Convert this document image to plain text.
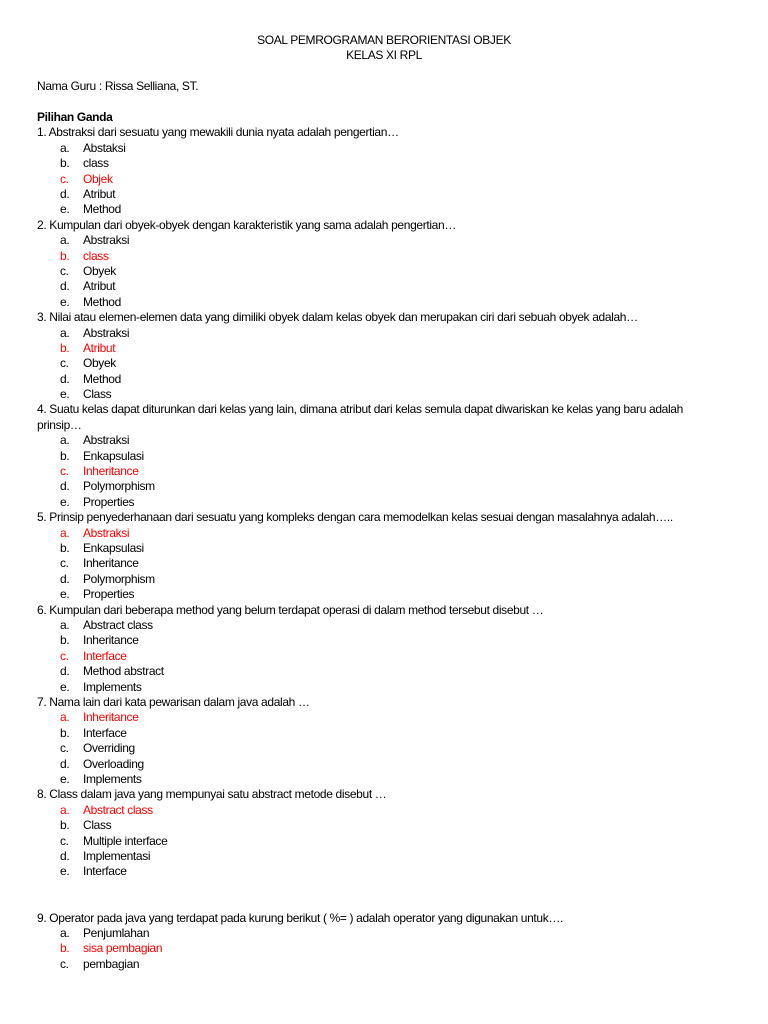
SOAL PEMROGRAMAN BERORIENTASI OBJEK
KELAS XI RPL
Nama Guru : Rissa Selliana, ST.
Pilihan Ganda
1. Abstraksi dari sesuatu yang mewakili dunia nyata adalah pengertian…
a. Abstaksi
b. class
c. Objek
d. Atribut
e. Method
2. Kumpulan dari obyek-obyek dengan karakteristik yang sama adalah pengertian…
a. Abstraksi
b. class
c. Obyek
d. Atribut
e. Method
3. Nilai atau elemen-elemen data yang dimiliki obyek dalam kelas obyek dan merupakan ciri dari sebuah obyek adalah…
a. Abstraksi
b. Atribut
c. Obyek
d. Method
e. Class
4. Suatu kelas dapat diturunkan dari kelas yang lain, dimana atribut dari kelas semula dapat diwariskan ke kelas yang baru adalah prinsip…
a. Abstraksi
b. Enkapsulasi
c. Inheritance
d. Polymorphism
e. Properties
5. Prinsip penyederhanaan dari sesuatu yang kompleks dengan cara memodelkan kelas sesuai dengan masalahnya adalah…..
a. Abstraksi
b. Enkapsulasi
c. Inheritance
d. Polymorphism
e. Properties
6. Kumpulan dari beberapa method yang belum terdapat operasi di dalam method tersebut disebut …
a. Abstract class
b. Inheritance
c. Interface
d. Method abstract
e. Implements
7. Nama lain dari kata pewarisan dalam java adalah …
a. Inheritance
b. Interface
c. Overriding
d. Overloading
e. Implements
8. Class dalam java yang mempunyai satu abstract metode disebut …
a. Abstract class
b. Class
c. Multiple interface
d. Implementasi
e. Interface
9. Operator pada java yang terdapat pada kurung berikut ( %= ) adalah operator yang digunakan untuk….
a. Penjumlahan
b. sisa pembagian
c. pembagian
